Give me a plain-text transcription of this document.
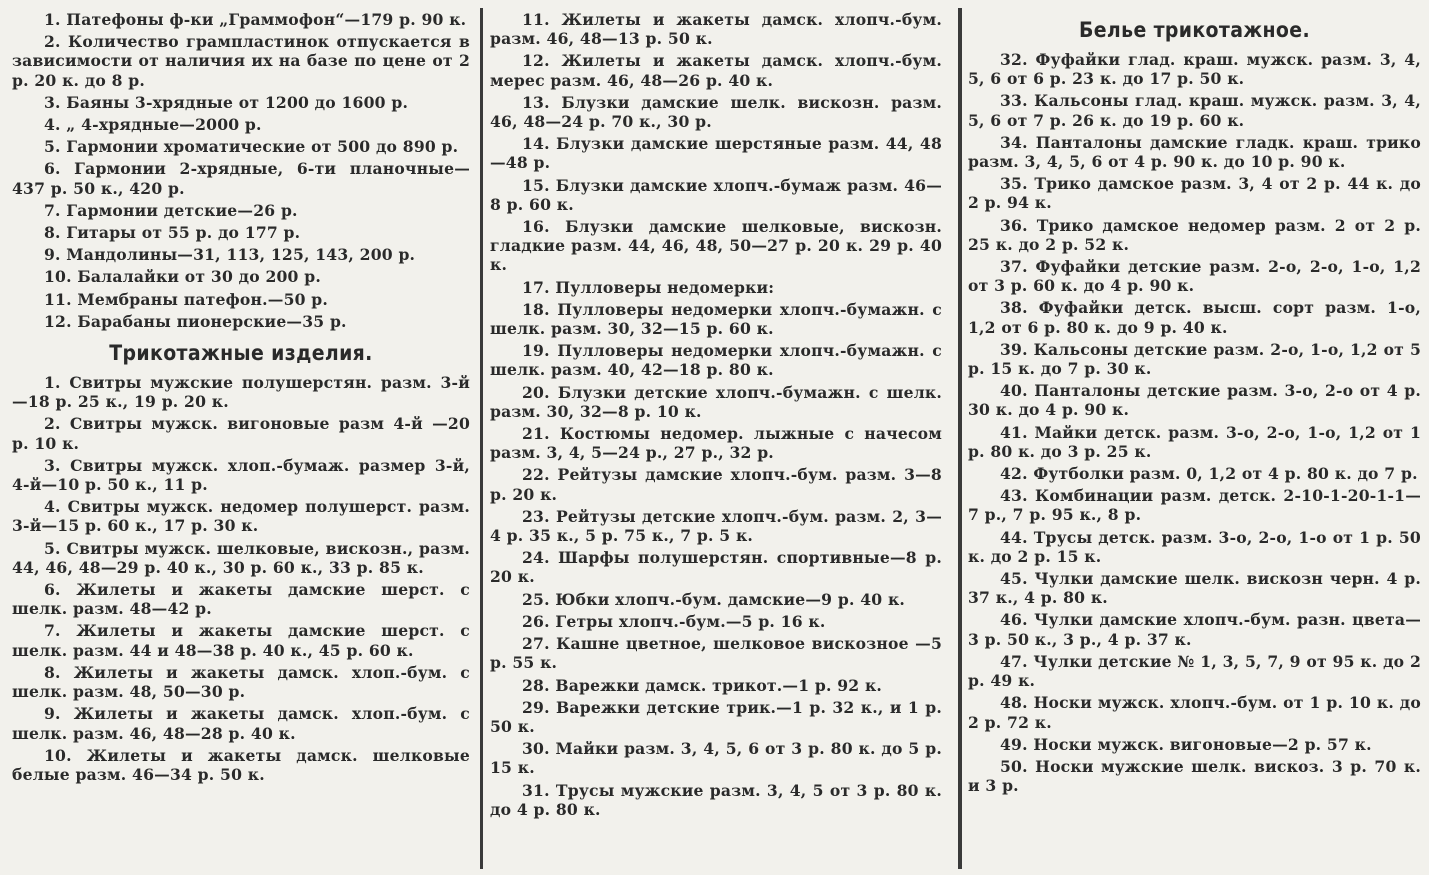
1. Патефоны ф-ки „Граммофон“—179 р. 90 к.

2. Количество грампластинок отпускается в зависимости от наличия их на базе по цене от 2 р. 20 к. до 8 р.

3. Баяны 3-хрядные от 1200 до 1600 р.

4. „ 4-хрядные—2000 р.

5. Гармонии хроматические от 500 до 890 р.

6. Гармонии 2-хрядные, 6-ти планочные—437 р. 50 к., 420 р.

7. Гармонии детские—26 р.

8. Гитары от 55 р. до 177 р.

9. Мандолины—31, 113, 125, 143, 200 р.

10. Балалайки от 30 до 200 р.

11. Мембраны патефон.—50 р.

12. Барабаны пионерские—35 р.

Трикотажные изделия.

1. Свитры мужские полушерстян. разм. 3-й—18 р. 25 к., 19 р. 20 к.

2. Свитры мужск. вигоновые разм 4-й —20 р. 10 к.

3. Свитры мужск. хлоп.-бумаж. размер 3-й, 4-й—10 р. 50 к., 11 р.

4. Свитры мужск. недомер полушерст. разм. 3-й—15 р. 60 к., 17 р. 30 к.

5. Свитры мужск. шелковые, вискозн., разм. 44, 46, 48—29 р. 40 к., 30 р. 60 к., 33 р. 85 к.

6. Жилеты и жакеты дамские шерст. с шелк. разм. 48—42 р.

7. Жилеты и жакеты дамские шерст. с шелк. разм. 44 и 48—38 р. 40 к., 45 р. 60 к.

8. Жилеты и жакеты дамск. хлоп.-бум. с шелк. разм. 48, 50—30 р.

9. Жилеты и жакеты дамск. хлоп.-бум. с шелк. разм. 46, 48—28 р. 40 к.

10. Жилеты и жакеты дамск. шелковые белые разм. 46—34 р. 50 к.

11. Жилеты и жакеты дамск. хлопч.-бум. разм. 46, 48—13 р. 50 к.

12. Жилеты и жакеты дамск. хлопч.-бум. мерес разм. 46, 48—26 р. 40 к.

13. Блузки дамские шелк. вискозн. разм. 46, 48—24 р. 70 к., 30 р.

14. Блузки дамские шерстяные разм. 44, 48—48 р.

15. Блузки дамские хлопч.-бумаж разм. 46—8 р. 60 к.

16. Блузки дамские шелковые, вискозн. гладкие разм. 44, 46, 48, 50—27 р. 20 к. 29 р. 40 к.

17. Пулловеры недомерки:

18. Пулловеры недомерки хлопч.-бумажн. с шелк. разм. 30, 32—15 р. 60 к.

19. Пулловеры недомерки хлопч.-бумажн. с шелк. разм. 40, 42—18 р. 80 к.

20. Блузки детские хлопч.-бумажн. с шелк. разм. 30, 32—8 р. 10 к.

21. Костюмы недомер. лыжные с начесом разм. 3, 4, 5—24 р., 27 р., 32 р.

22. Рейтузы дамские хлопч.-бум. разм. 3—8 р. 20 к.

23. Рейтузы детские хлопч.-бум. разм. 2, 3—4 р. 35 к., 5 р. 75 к., 7 р. 5 к.

24. Шарфы полушерстян. спортивные—8 р. 20 к.

25. Юбки хлопч.-бум. дамские—9 р. 40 к.

26. Гетры хлопч.-бум.—5 р. 16 к.

27. Кашне цветное, шелковое вискозное —5 р. 55 к.

28. Варежки дамск. трикот.—1 р. 92 к.

29. Варежки детские трик.—1 р. 32 к., и 1 р. 50 к.

30. Майки разм. 3, 4, 5, 6 от 3 р. 80 к. до 5 р. 15 к.

31. Трусы мужские разм. 3, 4, 5 от 3 р. 80 к. до 4 р. 80 к.

Белье трикотажное.

32. Фуфайки глад. краш. мужск. разм. 3, 4, 5, 6 от 6 р. 23 к. до 17 р. 50 к.

33. Кальсоны глад. краш. мужск. разм. 3, 4, 5, 6 от 7 р. 26 к. до 19 р. 60 к.

34. Панталоны дамские гладк. краш. трико разм. 3, 4, 5, 6 от 4 р. 90 к. до 10 р. 90 к.

35. Трико дамское разм. 3, 4 от 2 р. 44 к. до 2 р. 94 к.

36. Трико дамское недомер разм. 2 от 2 р. 25 к. до 2 р. 52 к.

37. Фуфайки детские разм. 2-о, 2-о, 1-о, 1,2 от 3 р. 60 к. до 4 р. 90 к.

38. Фуфайки детск. высш. сорт разм. 1-о, 1,2 от 6 р. 80 к. до 9 р. 40 к.

39. Кальсоны детские разм. 2-о, 1-о, 1,2 от 5 р. 15 к. до 7 р. 30 к.

40. Панталоны детские разм. 3-о, 2-о от 4 р. 30 к. до 4 р. 90 к.

41. Майки детск. разм. 3-о, 2-о, 1-о, 1,2 от 1 р. 80 к. до 3 р. 25 к.

42. Футболки разм. 0, 1,2 от 4 р. 80 к. до 7 р.

43. Комбинации разм. детск. 2-10-1-20-1-1— 7 р., 7 р. 95 к., 8 р.

44. Трусы детск. разм. 3-о, 2-о, 1-о от 1 р. 50 к. до 2 р. 15 к.

45. Чулки дамские шелк. вискозн черн. 4 р. 37 к., 4 р. 80 к.

46. Чулки дамские хлопч.-бум. разн. цвета—3 р. 50 к., 3 р., 4 р. 37 к.

47. Чулки детские № 1, 3, 5, 7, 9 от 95 к. до 2 р. 49 к.

48. Носки мужск. хлопч.-бум. от 1 р. 10 к. до 2 р. 72 к.

49. Носки мужск. вигоновые—2 р. 57 к.

50. Носки мужские шелк. вискоз. 3 р. 70 к. и 3 р.
